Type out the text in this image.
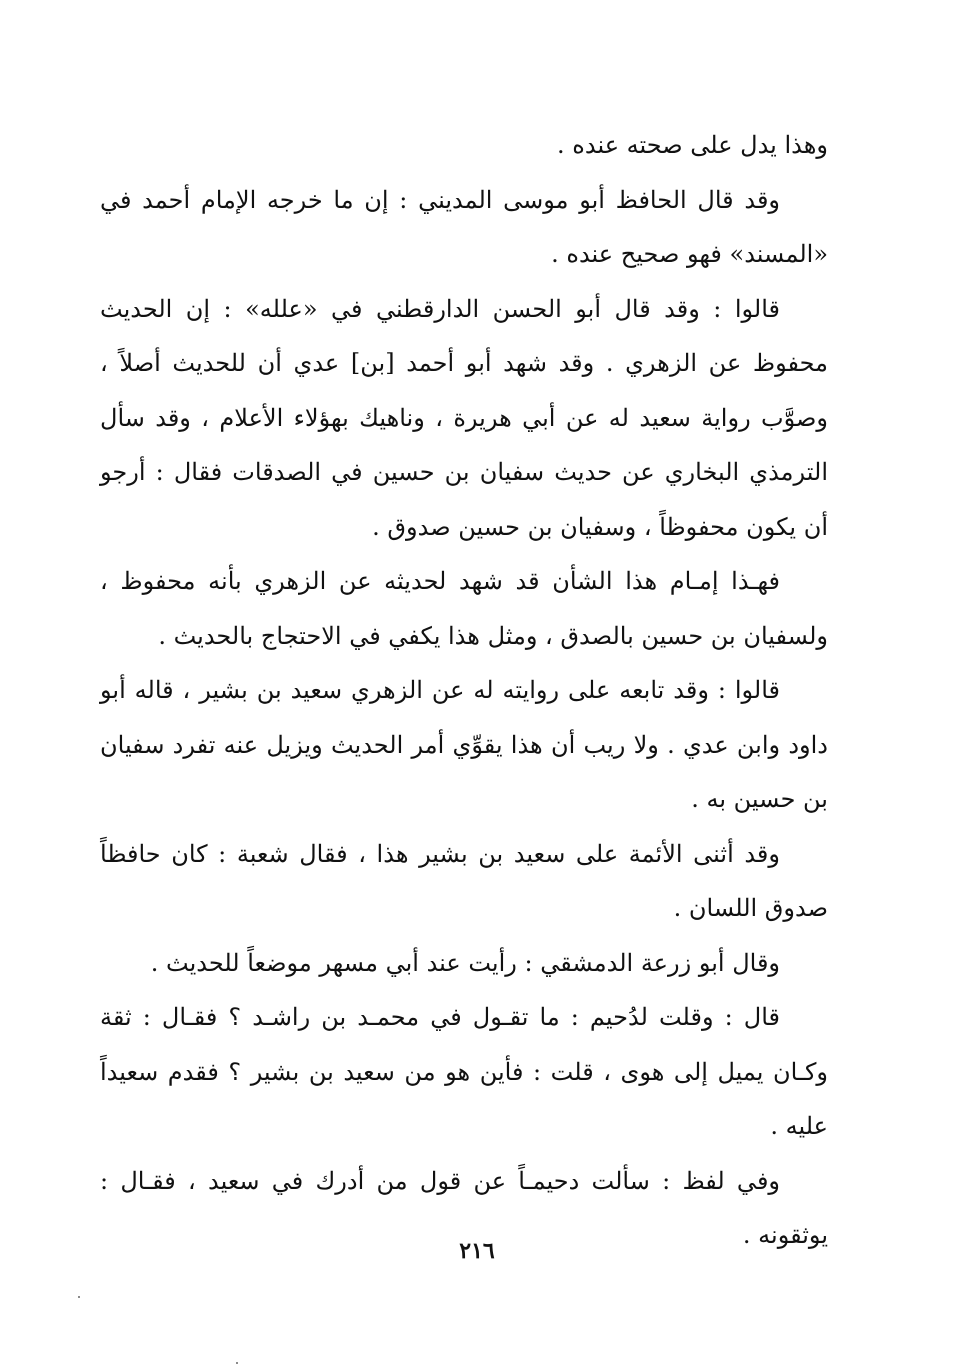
وهذا يدل على صحته عنده .

وقد قال الحافظ أبو موسى المديني : إن ما خرجه الإمام أحمد في «المسند» فهو صحيح عنده .

قالوا : وقد قال أبو الحسن الدارقطني في «علله» : إن الحديث محفوظ عن الزهري . وقد شهد أبو أحمد [بن] عدي أن للحديث أصلاً ، وصوَّب رواية سعيد له عن أبي هريرة ، وناهيك بهؤلاء الأعلام ، وقد سأل الترمذي البخاري عن حديث سفيان بن حسين في الصدقات فقال : أرجو أن يكون محفوظاً ، وسفيان بن حسين صدوق .

فهـذا إمـام هذا الشأن قد شهد لحديثه عن الزهري بأنه محفوظ ، ولسفيان بن حسين بالصدق ، ومثل هذا يكفي في الاحتجاج بالحديث .

قالوا : وقد تابعه على روايته له عن الزهري سعيد بن بشير ، قاله أبو داود وابن عدي . ولا ريب أن هذا يقوِّي أمر الحديث ويزيل عنه تفرد سفيان بن حسين به .

وقد أثنى الأئمة على سعيد بن بشير هذا ، فقال شعبة : كان حافظاً صدوق اللسان .

وقال أبو زرعة الدمشقي : رأيت عند أبي مسهر موضعاً للحديث .

قال : وقلت لدُحيم : ما تقـول في محمـد بن راشـد ؟ فقـال : ثقة وكـان يميل إلى هوى ، قلت : فأين هو من سعيد بن بشير ؟ فقدم سعيداً عليه .

وفي لفظ : سألت دحيمـاً عن قول من أدرك في سعيد ، فقـال : يوثقونه .

٢١٦
